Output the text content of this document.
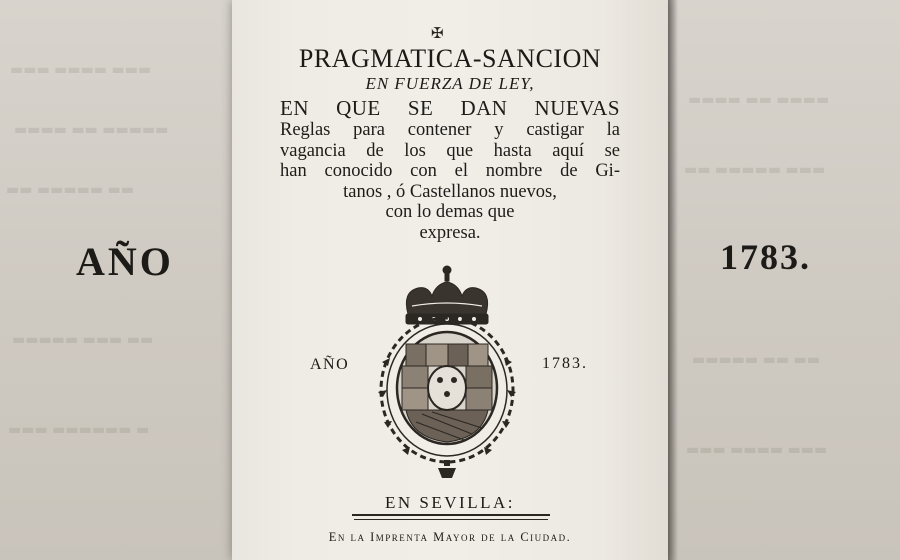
▬▬▬ ▬▬▬▬ ▬▬▬
▬▬▬▬ ▬▬ ▬▬▬▬▬
▬▬ ▬▬▬▬▬ ▬▬
▬▬▬▬▬ ▬▬▬ ▬▬
▬▬▬ ▬▬▬▬▬▬ ▬
AÑO
▬▬▬▬ ▬▬ ▬▬▬▬
▬▬ ▬▬▬▬▬ ▬▬▬
▬▬▬▬▬ ▬▬ ▬▬
▬▬▬ ▬▬▬▬ ▬▬▬
1783.
✠
PRAGMATICA-SANCION
EN FUERZA DE LEY,
EN QUE SE DAN NUEVAS
Reglas para contener y castigar la
vagancia de los que hasta aquí se
han conocido con el nombre de Gi-
tanos , ó Castellanos nuevos,
con lo demas que
expresa.
AÑO	1783.
EN SEVILLA:
En la Imprenta Mayor de la Ciudad.
